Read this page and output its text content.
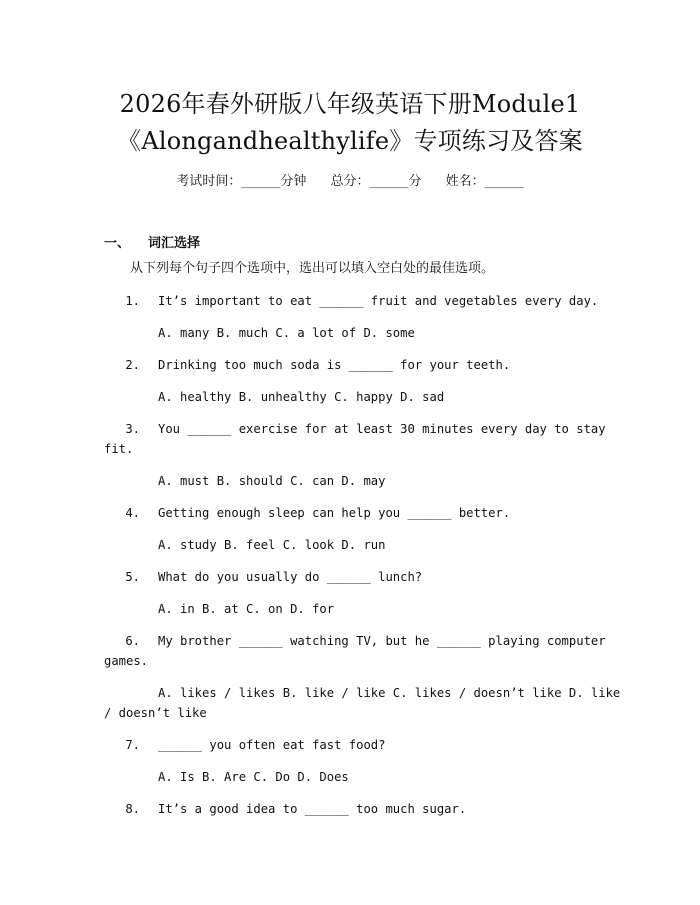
2026年春外研版八年级英语下册Module1
《Alongandhealthylife》专项练习及答案
考试时间：______分钟 总分：______分 姓名：______
一、 词汇选择
从下列每个句子四个选项中，选出可以填入空白处的最佳选项。
1. It’s important to eat ______ fruit and vegetables every day.
A. many B. much C. a lot of D. some
2. Drinking too much soda is ______ for your teeth.
A. healthy B. unhealthy C. happy D. sad
3. You ______ exercise for at least 30 minutes every day to stay
fit.
A. must B. should C. can D. may
4. Getting enough sleep can help you ______ better.
A. study B. feel C. look D. run
5. What do you usually do ______ lunch?
A. in B. at C. on D. for
6. My brother ______ watching TV, but he ______ playing computer
games.
A. likes / likes B. like / like C. likes / doesn’t like D. like
/ doesn’t like
7. ______ you often eat fast food?
A. Is B. Are C. Do D. Does
8. It’s a good idea to ______ too much sugar.
